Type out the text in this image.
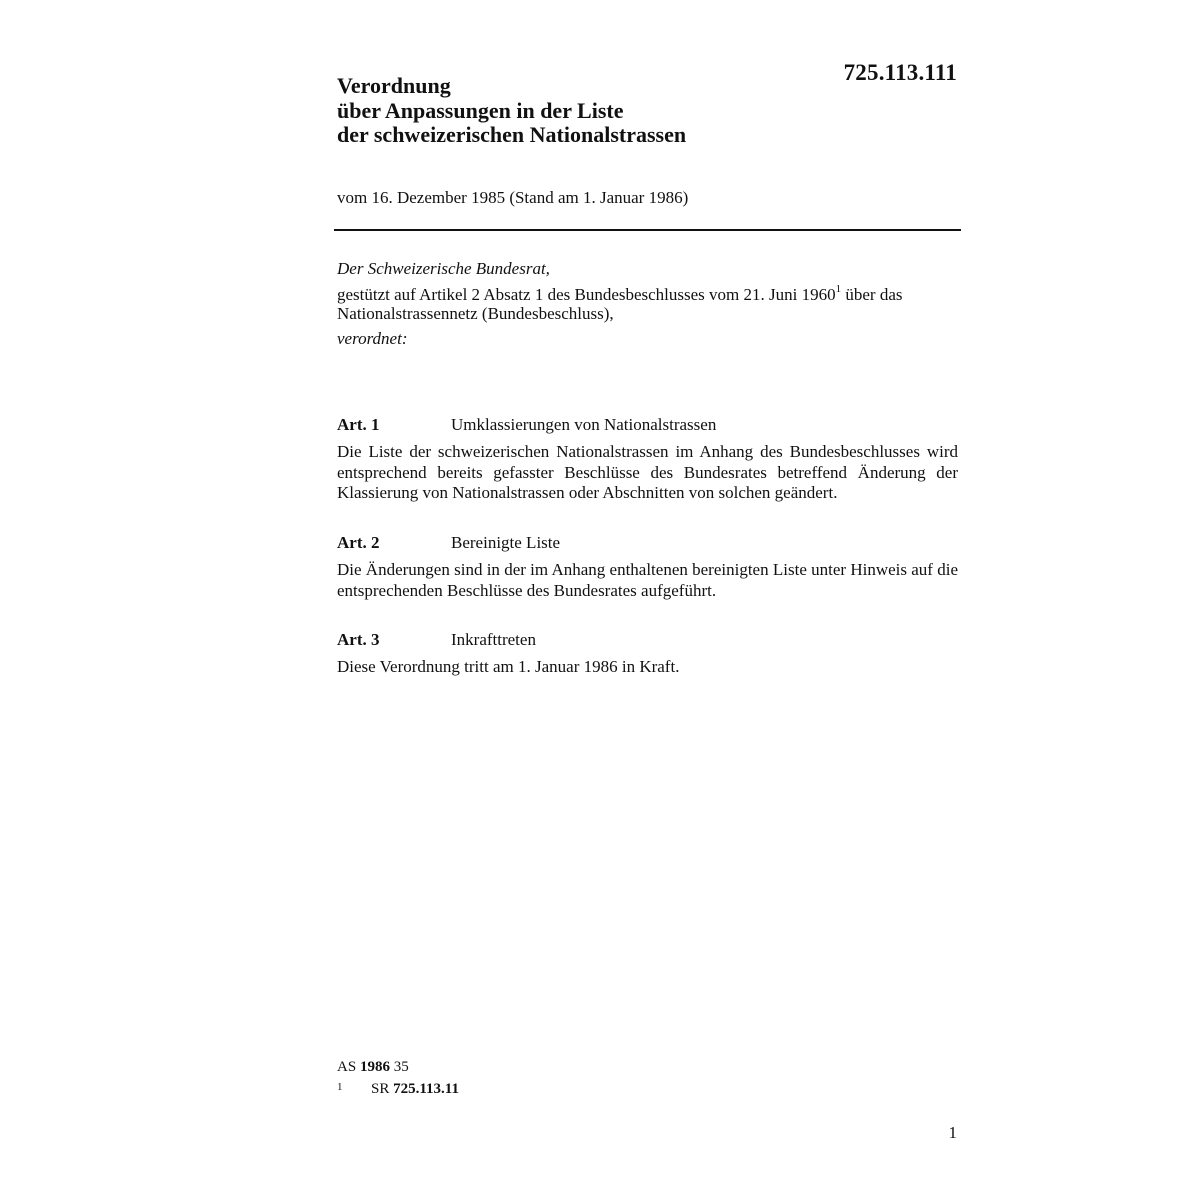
725.113.111
Verordnung
über Anpassungen in der Liste
der schweizerischen Nationalstrassen
vom 16. Dezember 1985 (Stand am 1. Januar 1986)
Der Schweizerische Bundesrat,
gestützt auf Artikel 2 Absatz 1 des Bundesbeschlusses vom 21. Juni 1960$^1$ über das Nationalstrassennetz (Bundesbeschluss),
verordnet:
Art. 1	Umklassierungen von Nationalstrassen
Die Liste der schweizerischen Nationalstrassen im Anhang des Bundesbeschlusses wird entsprechend bereits gefasster Beschlüsse des Bundesrates betreffend Änderung der Klassierung von Nationalstrassen oder Abschnitten von solchen geändert.
Art. 2	Bereinigte Liste
Die Änderungen sind in der im Anhang enthaltenen bereinigten Liste unter Hinweis auf die entsprechenden Beschlüsse des Bundesrates aufgeführt.
Art. 3	Inkrafttreten
Diese Verordnung tritt am 1. Januar 1986 in Kraft.
AS 1986 35
1 SR 725.113.11
1
